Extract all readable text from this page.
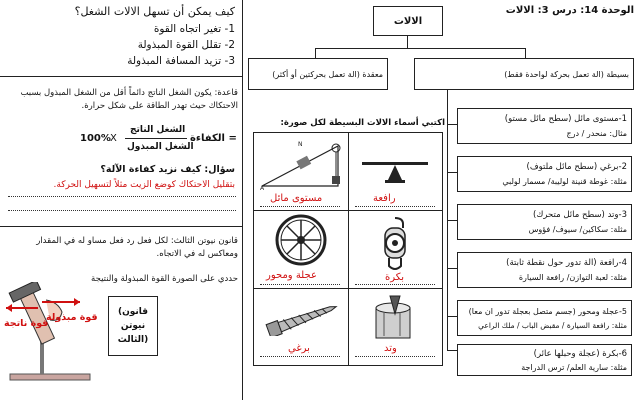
الوحدة 14: درس 3: الالات
الالات
معقدة (الة تعمل بحركتين أو أكثر)	بسيطة (الة تعمل بحركة لواحدة فقط)
1-مستوى مائل (سطح مائل مستو)
مثال: منحدر / درج
2-برغي (سطح مائل ملتوف)
مثلة: غوطة قنينة لوليبة/ مسمار لولبي
3-وتد (سطح مائل متحرك)
مثلة: سكاكين/ سيوف/ فؤوس
4-رافعة (الة تدور حول نقطة ثابتة)
مثلة: لعبة التوازن/ رافعة السيارة
5-عجلة ومحور (جسم متصل بعجلة تدور ان معا)
مثلة: رافعة السيارة / مقبض الباب / ملك الراعي
6-بكرة (عجلة وحبلها عائر)
مثلة: سارية العلم/ ترس الدراجة
اكتبي أسماء الالات البسيطة لكل صورة:
رافعة
A
N
مستوى مائل
بكرة
عجلة ومحور
وتد
برغي
كيف يمكن أن تسهل الالات الشغل؟
1- تغير اتجاه القوة
2- تقلل القوة المبذولة
3- تزيد المسافة المبذولة
قاعدة: يكون الشغل الناتج دائماً أقل من الشغل المبذول بسبب
الاحتكاك حيث تهدر الطاقة على شكل حرارة.
الكفاءة =
الشغل الناتج
الشغل المبذول
X
100%
سؤال: كيف نزيد كفاءة الآلة؟
بتقليل الاحتكاك كوضع الزيت مثلاً لتسهيل الحركة.
قانون نيوتن الثالث: لكل فعل رد فعل مساو له في المقدار
ومعاكس له في الاتجاه.
حددي على الصورة القوة المبذولة والنتيجة
قوة مبذولة
قوة ناتجة
(قانون نيوتن الثالث)
